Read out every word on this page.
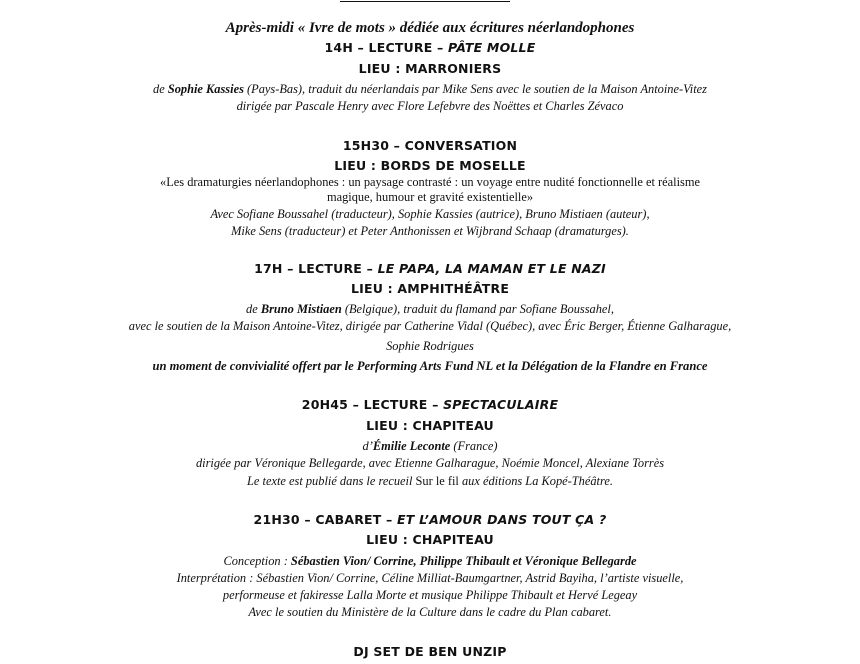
Après-midi « Ivre de mots » dédiée aux écritures néerlandophones
14H – LECTURE – PÂTE MOLLE
LIEU : MARRONIERS
de Sophie Kassies (Pays-Bas), traduit du néerlandais par Mike Sens avec le soutien de la Maison Antoine-Vitez
dirigée par Pascale Henry avec Flore Lefebvre des Noëttes et Charles Zévaco
15H30 – CONVERSATION
LIEU : BORDS DE MOSELLE
«Les dramaturgies néerlandophones : un paysage contrasté : un voyage entre nudité fonctionnelle et réalisme
magique, humour et gravité existentielle»
Avec Sofiane Boussahel (traducteur), Sophie Kassies (autrice), Bruno Mistiaen (auteur),
Mike Sens (traducteur) et Peter Anthonissen et Wijbrand Schaap (dramaturges).
17H – LECTURE – LE PAPA, LA MAMAN ET LE NAZI
LIEU : AMPHITHÉÂTRE
de Bruno Mistiaen (Belgique), traduit du flamand par Sofiane Boussahel,
avec le soutien de la Maison Antoine-Vitez, dirigée par Catherine Vidal (Québec), avec Éric Berger, Étienne Galharague,
Sophie Rodrigues
un moment de convivialité offert par le Performing Arts Fund NL et la Délégation de la Flandre en France
20H45 – LECTURE – SPECTACULAIRE
LIEU : CHAPITEAU
d’Émilie Leconte (France)
dirigée par Véronique Bellegarde, avec Etienne Galharague, Noémie Moncel, Alexiane Torrès
Le texte est publié dans le recueil Sur le fil aux éditions La Kopé-Théâtre.
21H30 – CABARET – ET L’AMOUR DANS TOUT ÇA ?
LIEU : CHAPITEAU
Conception : Sébastien Vion/ Corrine, Philippe Thibault et Véronique Bellegarde
Interprétation : Sébastien Vion/ Corrine, Céline Milliat-Baumgartner, Astrid Bayiha, l’artiste visuelle,
performeuse et fakiresse Lalla Morte et musique Philippe Thibault et Hervé Legeay
Avec le soutien du Ministère de la Culture dans le cadre du Plan cabaret.
DJ SET DE BEN UNZIP
